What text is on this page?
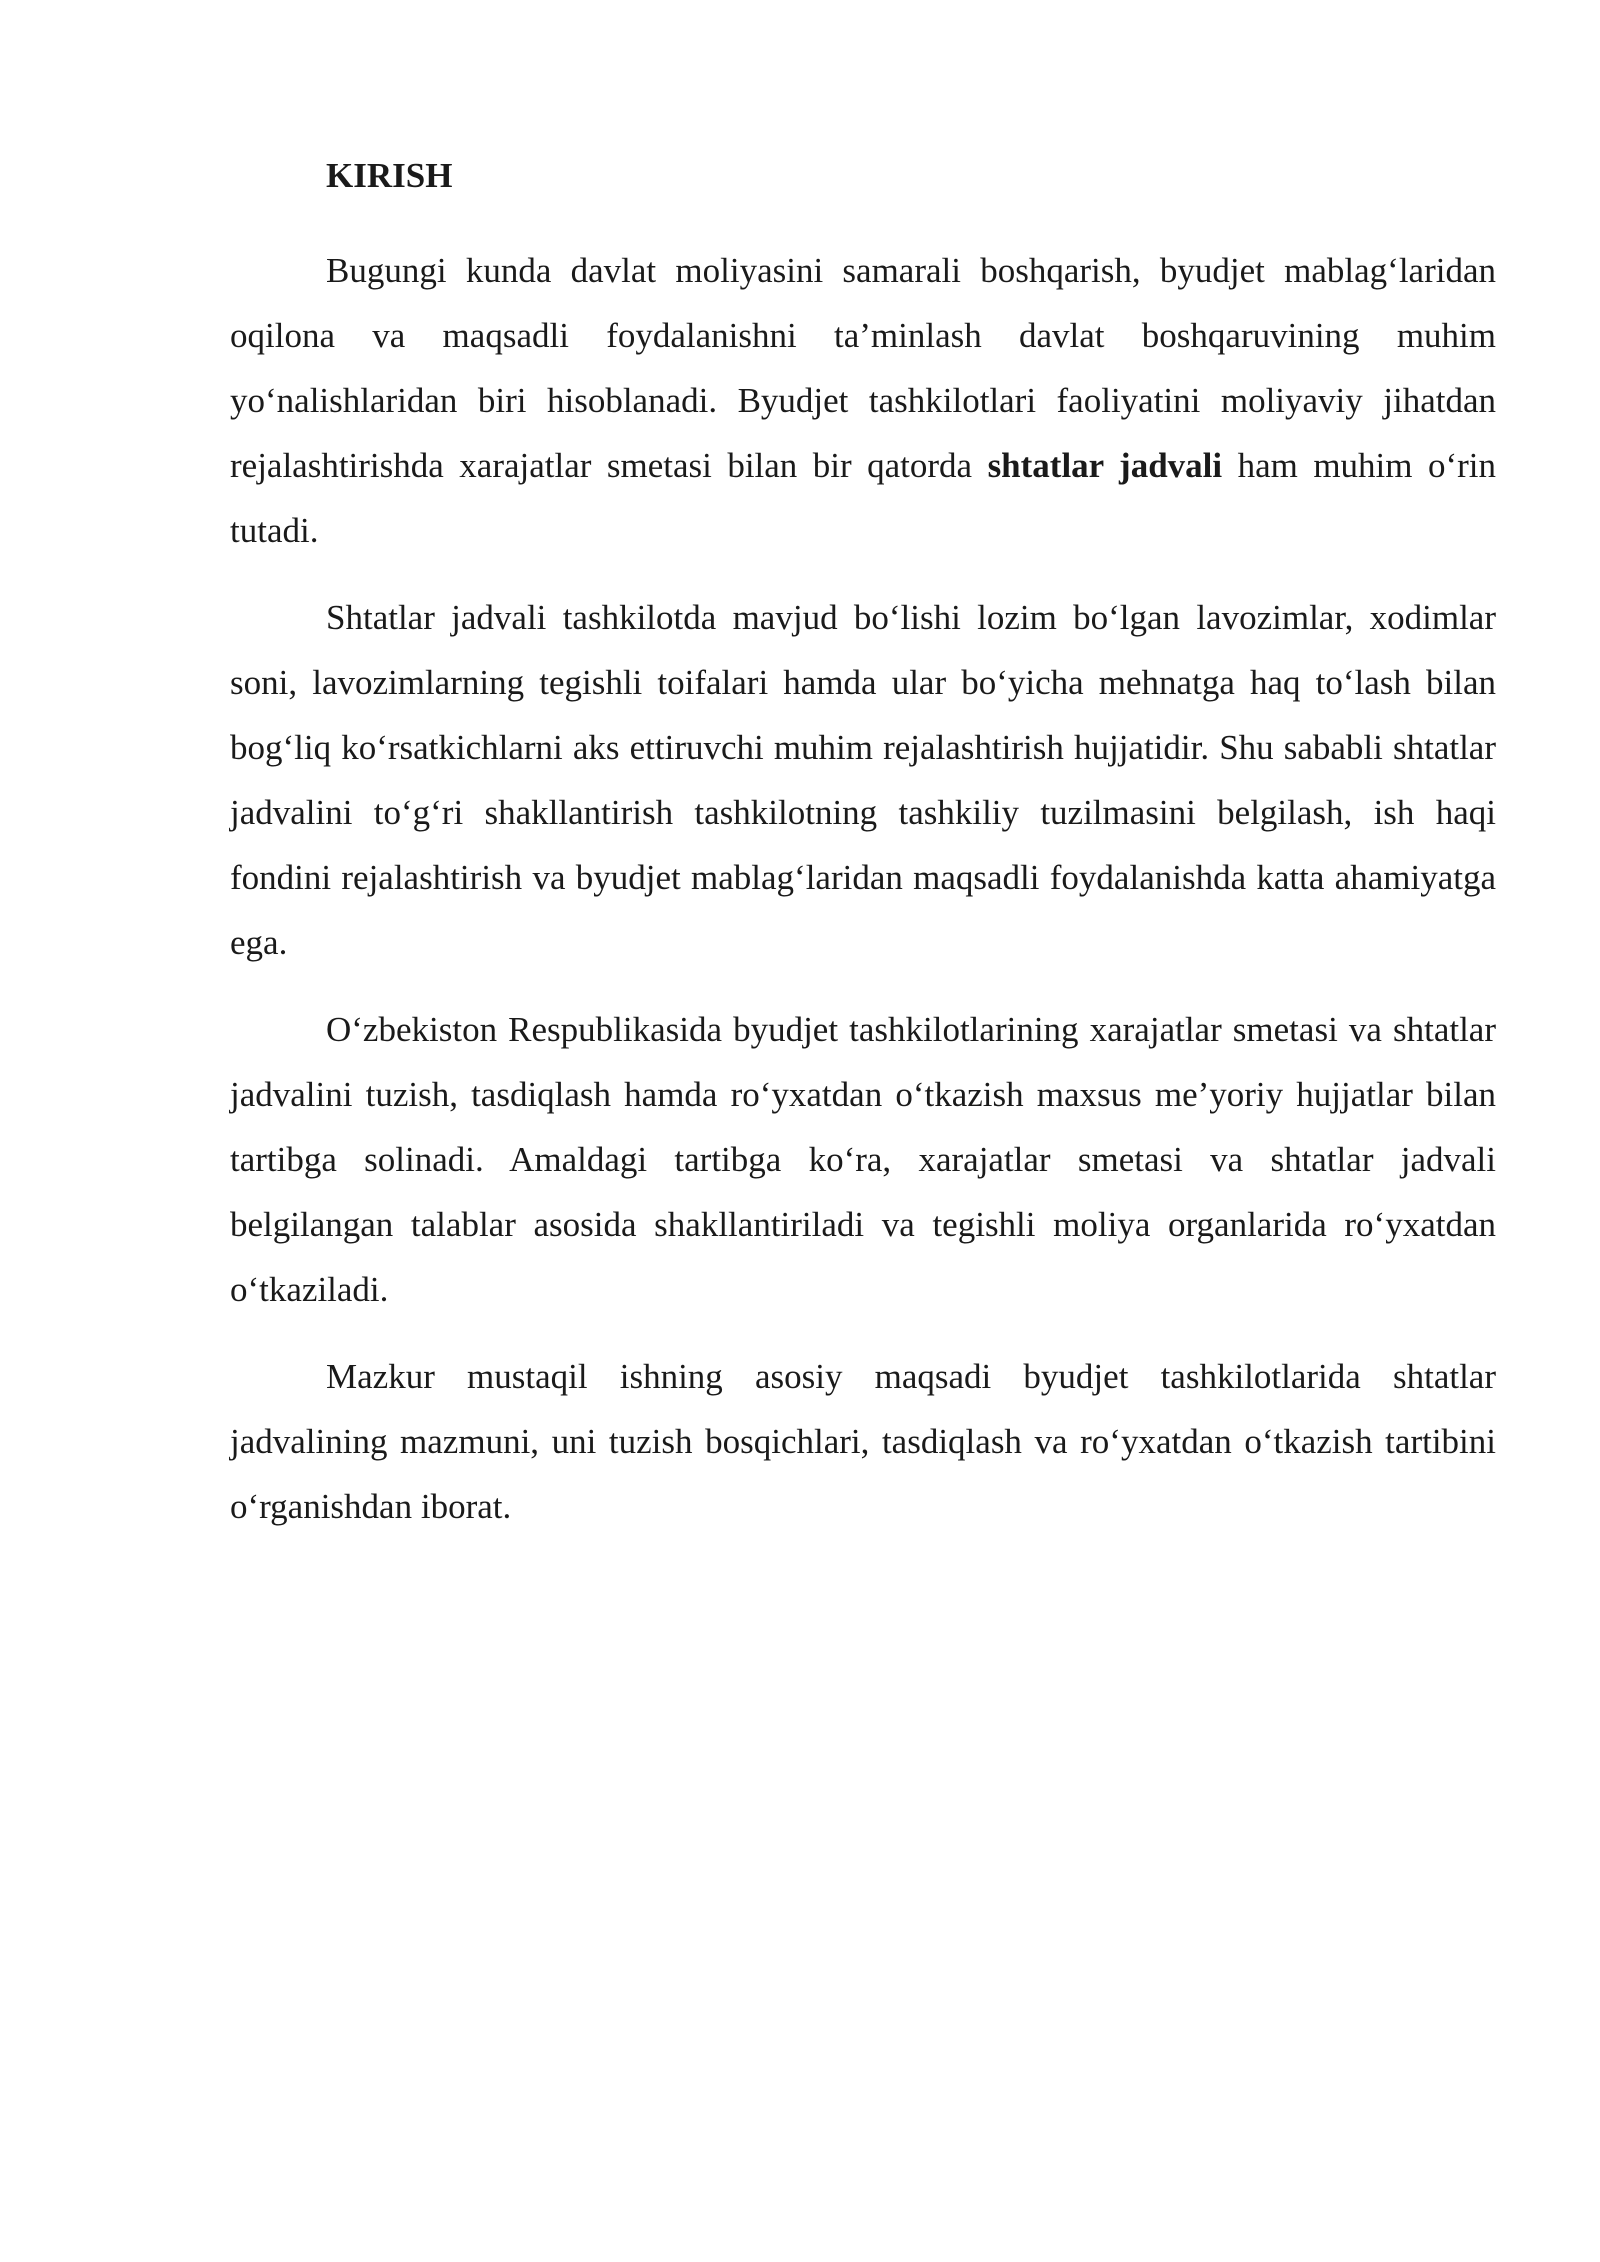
KIRISH

Bugungi kunda davlat moliyasini samarali boshqarish, byudjet mablag‘laridan oqilona va maqsadli foydalanishni ta’minlash davlat boshqaruvining muhim yo‘nalishlaridan biri hisoblanadi. Byudjet tashkilotlari faoliyatini moliyaviy jihatdan rejalashtirishda xarajatlar smetasi bilan bir qatorda shtatlar jadvali ham muhim o‘rin tutadi.

Shtatlar jadvali tashkilotda mavjud bo‘lishi lozim bo‘lgan lavozimlar, xodimlar soni, lavozimlarning tegishli toifalari hamda ular bo‘yicha mehnatga haq to‘lash bilan bog‘liq ko‘rsatkichlarni aks ettiruvchi muhim rejalashtirish hujjatidir. Shu sababli shtatlar jadvalini to‘g‘ri shakllantirish tashkilotning tashkiliy tuzilmasini belgilash, ish haqi fondini rejalashtirish va byudjet mablag‘laridan maqsadli foydalanishda katta ahamiyatga ega.

O‘zbekiston Respublikasida byudjet tashkilotlarining xarajatlar smetasi va shtatlar jadvalini tuzish, tasdiqlash hamda ro‘yxatdan o‘tkazish maxsus me’yoriy hujjatlar bilan tartibga solinadi. Amaldagi tartibga ko‘ra, xarajatlar smetasi va shtatlar jadvali belgilangan talablar asosida shakllantiriladi va tegishli moliya organlarida ro‘yxatdan o‘tkaziladi.

Mazkur mustaqil ishning asosiy maqsadi byudjet tashkilotlarida shtatlar jadvalining mazmuni, uni tuzish bosqichlari, tasdiqlash va ro‘yxatdan o‘tkazish tartibini o‘rganishdan iborat.
